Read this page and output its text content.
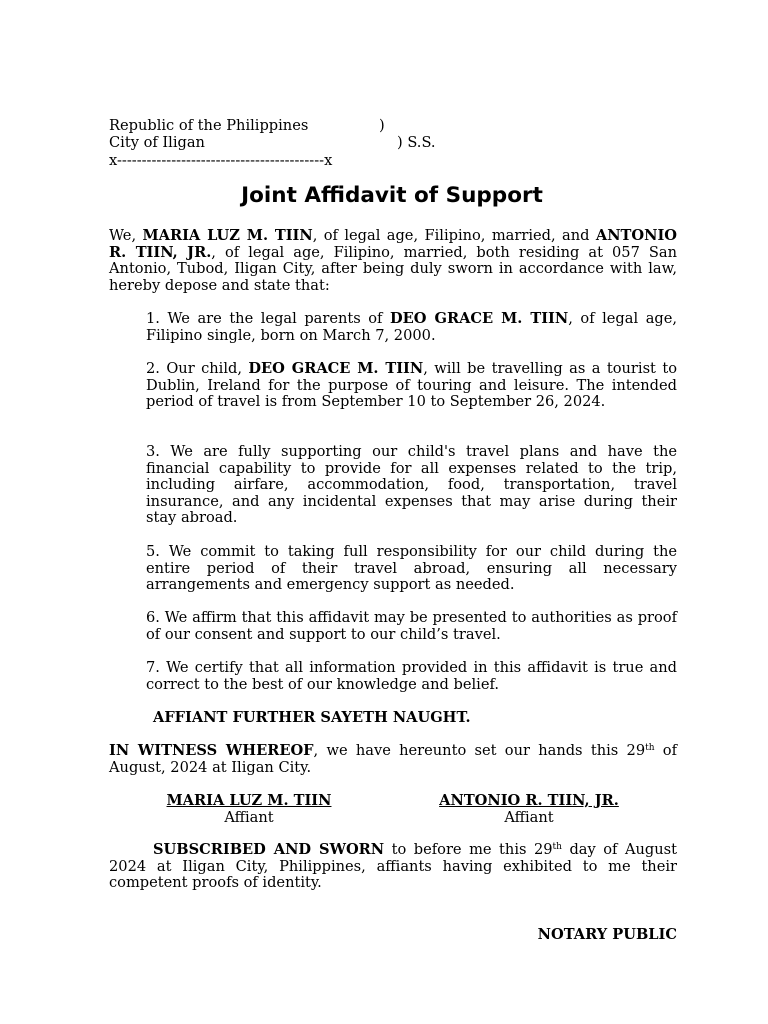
Republic of the Philippines	)
City of Iligan	) S.S.
x------------------------------------------x
Joint Affidavit of Support

We, MARIA LUZ M. TIIN, of legal age, Filipino, married, and ANTONIO R. TIIN, JR., of legal age, Filipino, married, both residing at 057 San Antonio, Tubod, Iligan City, after being duly sworn in accordance with law, hereby depose and state that:

1. We are the legal parents of DEO GRACE M. TIIN, of legal age, Filipino single, born on March 7, 2000.

2. Our child, DEO GRACE M. TIIN, will be travelling as a tourist to Dublin, Ireland for the purpose of touring and leisure. The intended period of travel is from September 10 to September 26, 2024.

3. We are fully supporting our child's travel plans and have the financial capability to provide for all expenses related to the trip, including airfare, accommodation, food, transportation, travel insurance, and any incidental expenses that may arise during their stay abroad.

5. We commit to taking full responsibility for our child during the entire period of their travel abroad, ensuring all necessary arrangements and emergency support as needed.

6. We affirm that this affidavit may be presented to authorities as proof of our consent and support to our child’s travel.

7. We certify that all information provided in this affidavit is true and correct to the best of our knowledge and belief.

AFFIANT FURTHER SAYETH NAUGHT.

IN WITNESS WHEREOF, we have hereunto set our hands this 29th of August, 2024 at Iligan City.

MARIA LUZ M. TIIN
Affiant
ANTONIO R. TIIN, JR.
Affiant

SUBSCRIBED AND SWORN to before me this 29th day of August 2024 at Iligan City, Philippines, affiants having exhibited to me their competent proofs of identity.

NOTARY PUBLIC
